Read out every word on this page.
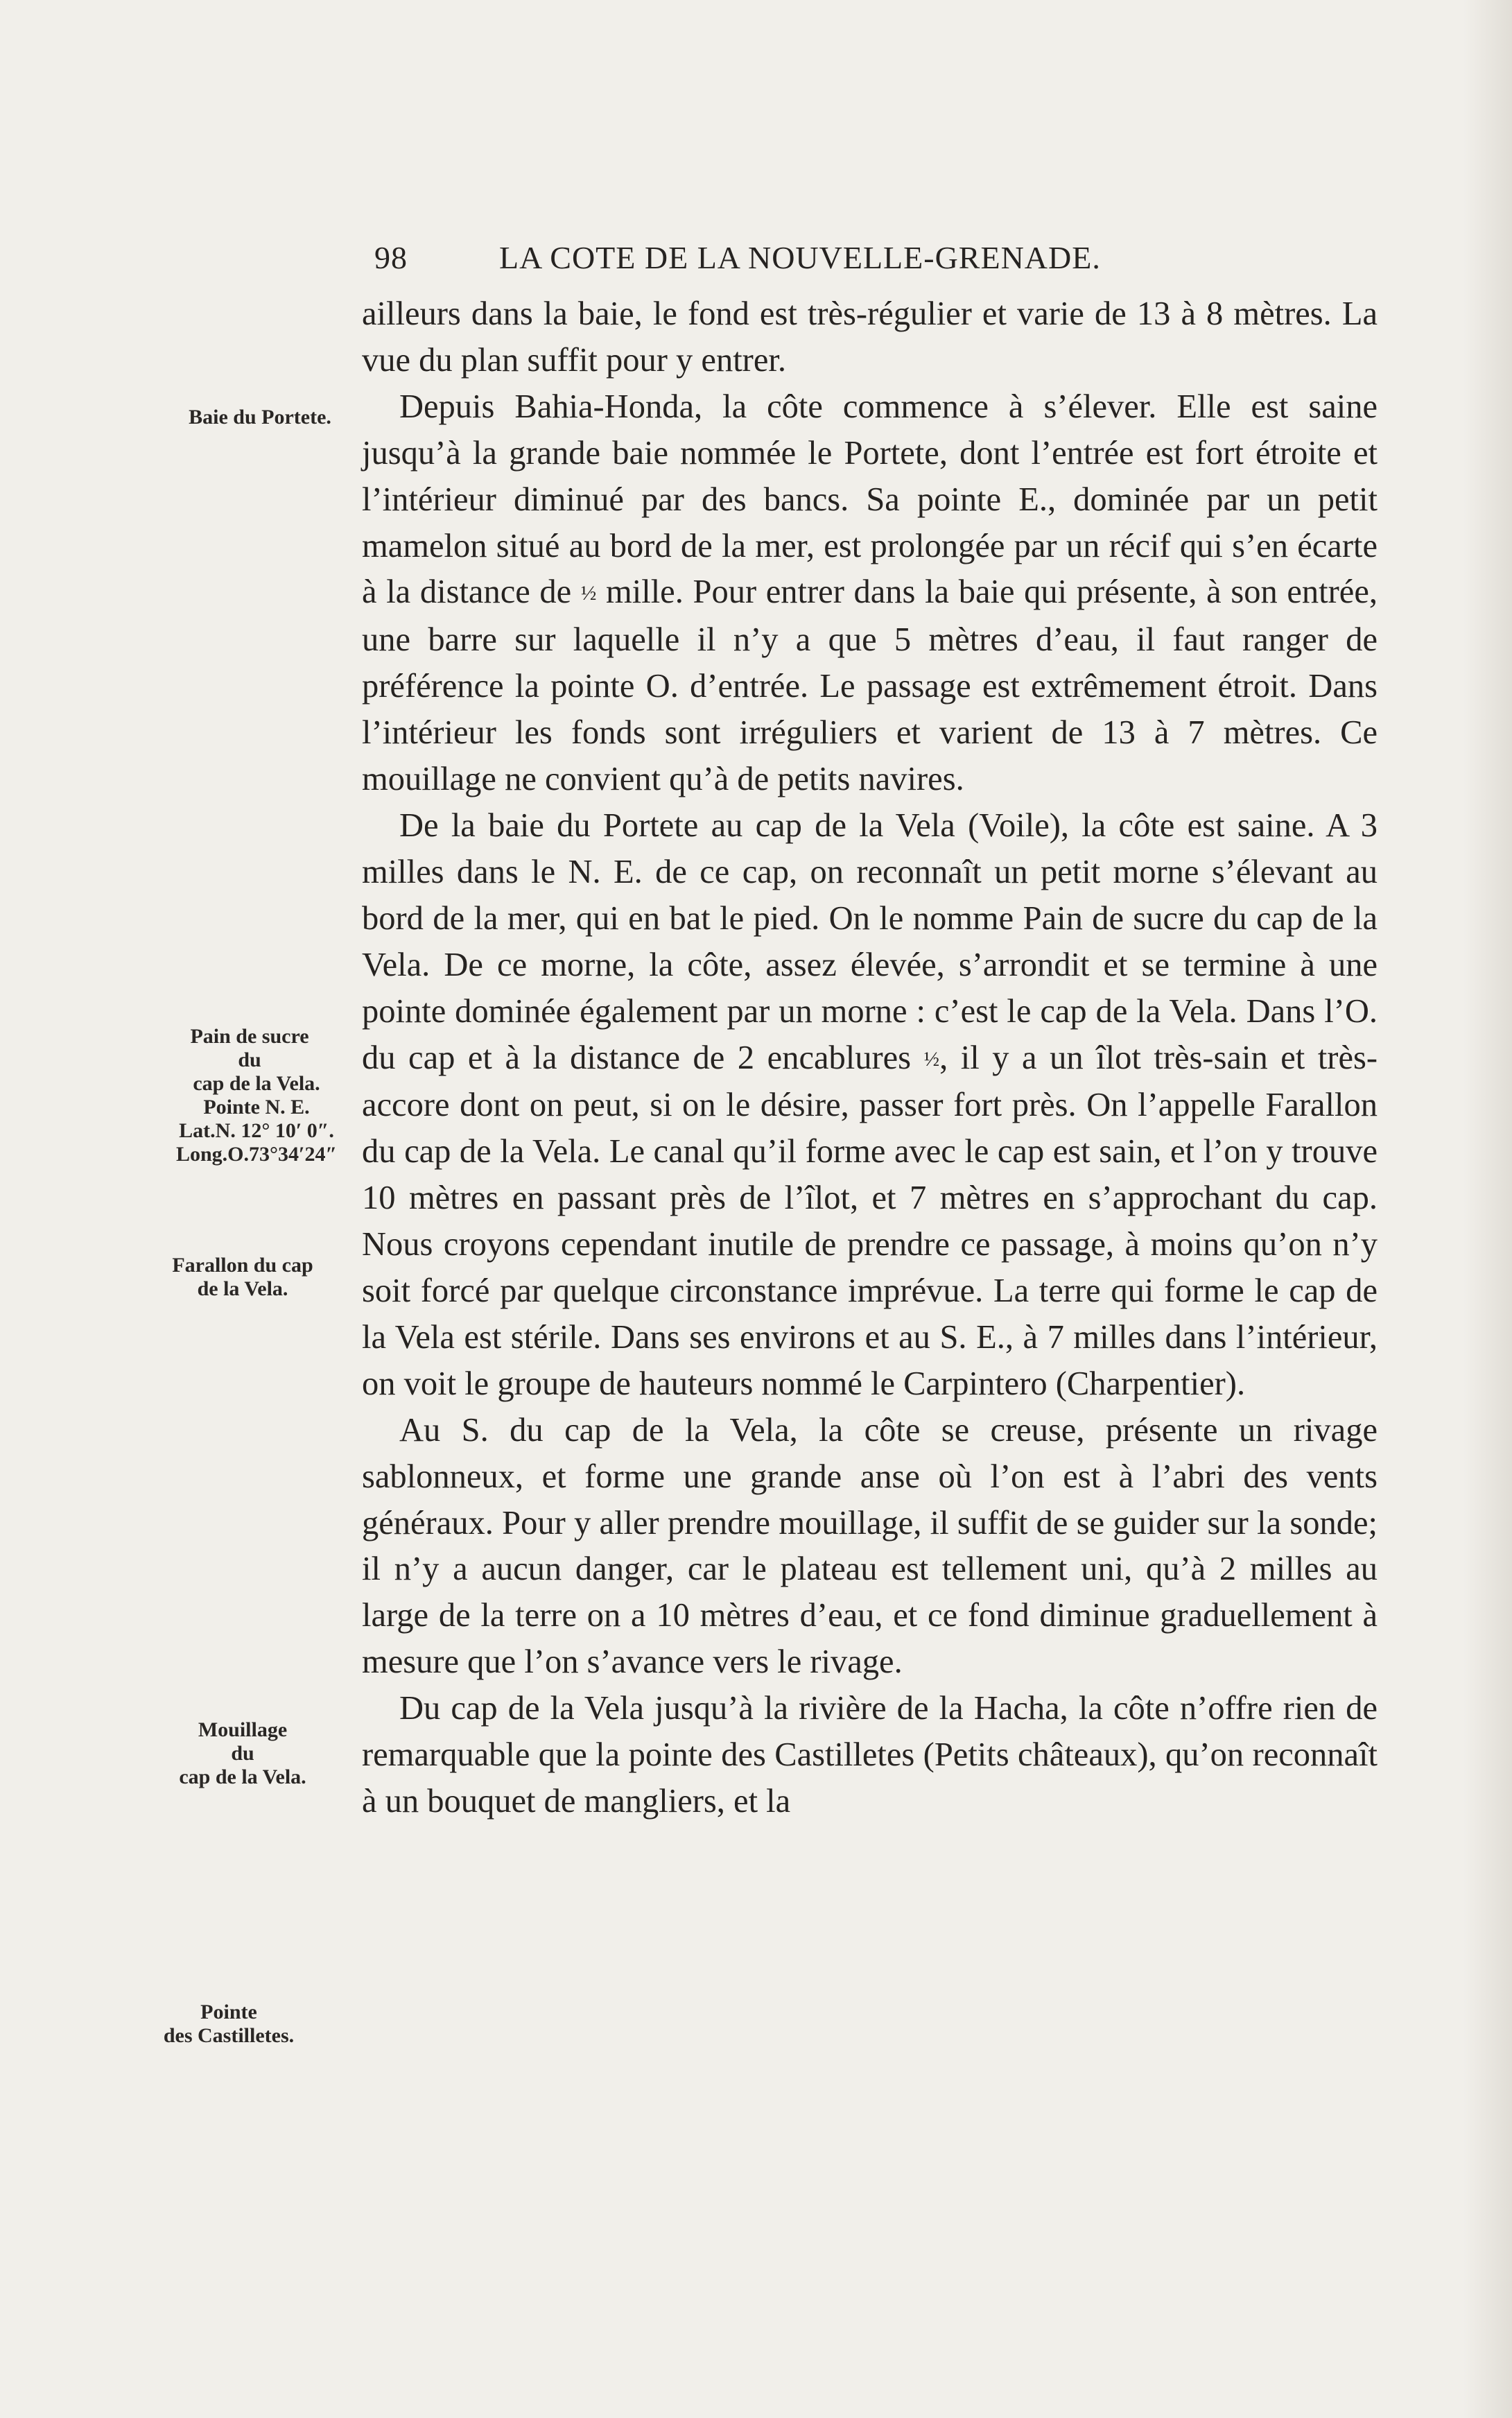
98	LA COTE DE LA NOUVELLE-GRENADE.
Baie du Portete.
Pain de sucre
du
cap de la Vela.
Pointe N. E.
Lat.N. 12° 10′ 0″.
Long.O.73°34′24″
Farallon du cap
de la Vela.
Mouillage
du
cap de la Vela.
Pointe
des Castilletes.

ailleurs dans la baie, le fond est très-régulier et varie de 13 à 8 mètres. La vue du plan suffit pour y entrer.

Depuis Bahia-Honda, la côte commence à s’élever. Elle est saine jusqu’à la grande baie nommée le Portete, dont l’entrée est fort étroite et l’intérieur diminué par des bancs. Sa pointe E., dominée par un petit mamelon situé au bord de la mer, est prolongée par un récif qui s’en écarte à la distance de ½ mille. Pour entrer dans la baie qui présente, à son entrée, une barre sur laquelle il n’y a que 5 mètres d’eau, il faut ranger de préférence la pointe O. d’entrée. Le passage est extrêmement étroit. Dans l’intérieur les fonds sont irréguliers et varient de 13 à 7 mètres. Ce mouillage ne convient qu’à de petits navires.

De la baie du Portete au cap de la Vela (Voile), la côte est saine. A 3 milles dans le N. E. de ce cap, on reconnaît un petit morne s’élevant au bord de la mer, qui en bat le pied. On le nomme Pain de sucre du cap de la Vela. De ce morne, la côte, assez élevée, s’arrondit et se termine à une pointe dominée également par un morne : c’est le cap de la Vela. Dans l’O. du cap et à la distance de 2 encablures ½, il y a un îlot très-sain et très-accore dont on peut, si on le désire, passer fort près. On l’appelle Farallon du cap de la Vela. Le canal qu’il forme avec le cap est sain, et l’on y trouve 10 mètres en passant près de l’îlot, et 7 mètres en s’approchant du cap. Nous croyons cependant inutile de prendre ce passage, à moins qu’on n’y soit forcé par quelque circonstance imprévue. La terre qui forme le cap de la Vela est stérile. Dans ses environs et au S. E., à 7 milles dans l’intérieur, on voit le groupe de hauteurs nommé le Carpintero (Charpentier).

Au S. du cap de la Vela, la côte se creuse, présente un rivage sablonneux, et forme une grande anse où l’on est à l’abri des vents généraux. Pour y aller prendre mouillage, il suffit de se guider sur la sonde; il n’y a aucun danger, car le plateau est tellement uni, qu’à 2 milles au large de la terre on a 10 mètres d’eau, et ce fond diminue graduellement à mesure que l’on s’avance vers le rivage.

Du cap de la Vela jusqu’à la rivière de la Hacha, la côte n’offre rien de remarquable que la pointe des Castilletes (Petits châteaux), qu’on reconnaît à un bouquet de mangliers, et la
